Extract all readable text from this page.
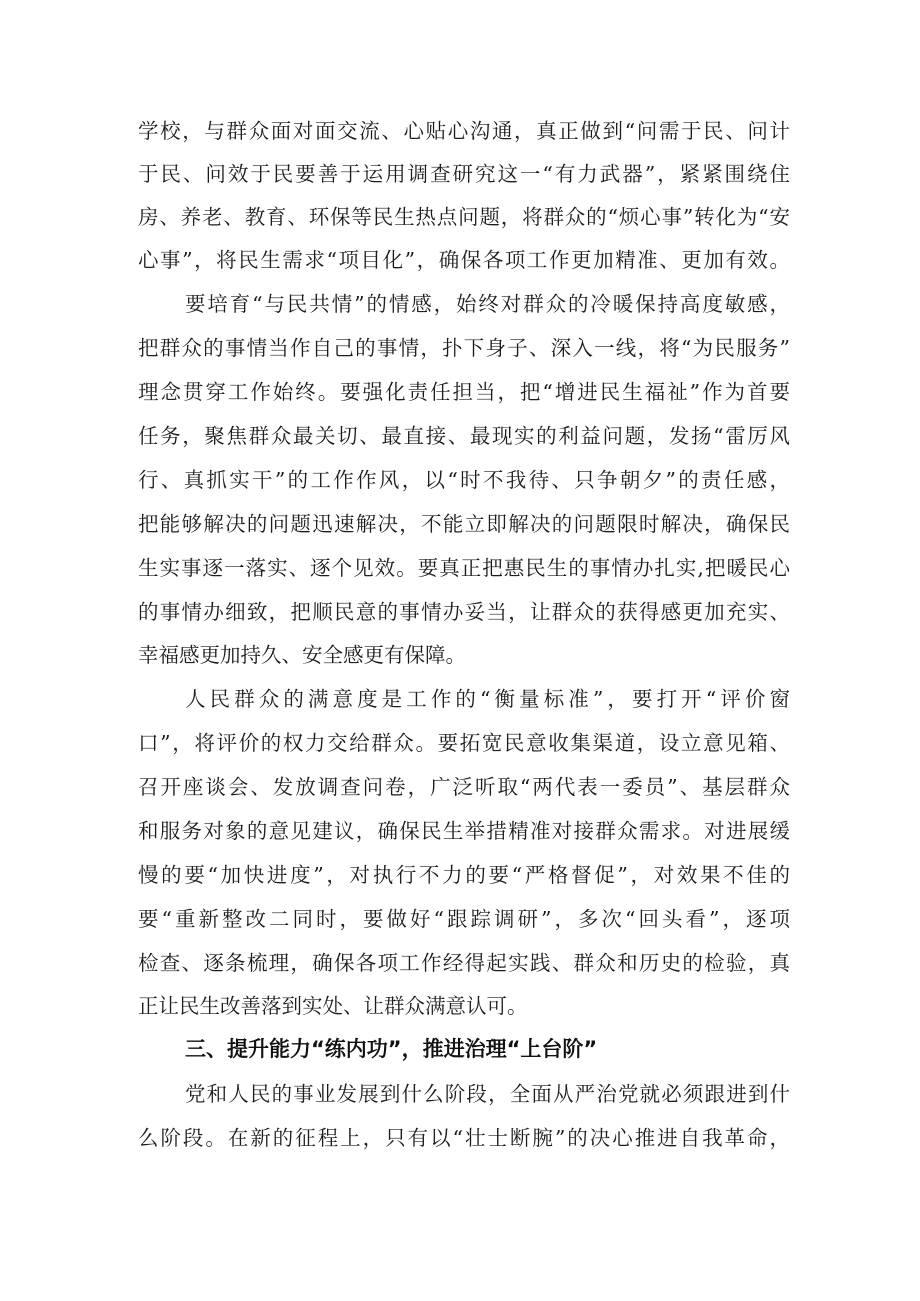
学校，与群众面对面交流、心贴心沟通，真正做到“问需于民、问计
于民、问效于民要善于运用调查研究这一“有力武器”，紧紧围绕住
房、养老、教育、环保等民生热点问题，将群众的“烦心事”转化为“安
心事”，将民生需求“项目化”，确保各项工作更加精准、更加有效。
要培育“与民共情”的情感，始终对群众的冷暖保持高度敏感，
把群众的事情当作自己的事情，扑下身子、深入一线，将“为民服务”
理念贯穿工作始终。要强化责任担当，把“增进民生福祉”作为首要
任务，聚焦群众最关切、最直接、最现实的利益问题，发扬“雷厉风
行、真抓实干”的工作作风，以“时不我待、只争朝夕”的责任感，
把能够解决的问题迅速解决，不能立即解决的问题限时解决，确保民
生实事逐一落实、逐个见效。要真正把惠民生的事情办扎实,把暖民心
的事情办细致，把顺民意的事情办妥当，让群众的获得感更加充实、
幸福感更加持久、安全感更有保障。
人民群众的满意度是工作的“衡量标准”，要打开“评价窗
口”，将评价的权力交给群众。要拓宽民意收集渠道，设立意见箱、
召开座谈会、发放调查问卷，广泛听取“两代表一委员”、基层群众
和服务对象的意见建议，确保民生举措精准对接群众需求。对进展缓
慢的要“加快进度”，对执行不力的要“严格督促”，对效果不佳的
要“重新整改二同时，要做好“跟踪调研”，多次“回头看”，逐项
检查、逐条梳理，确保各项工作经得起实践、群众和历史的检验，真
正让民生改善落到实处、让群众满意认可。
三、提升能力“练内功”，推进治理“上台阶”
党和人民的事业发展到什么阶段，全面从严治党就必须跟进到什
么阶段。在新的征程上，只有以“壮士断腕”的决心推进自我革命，
